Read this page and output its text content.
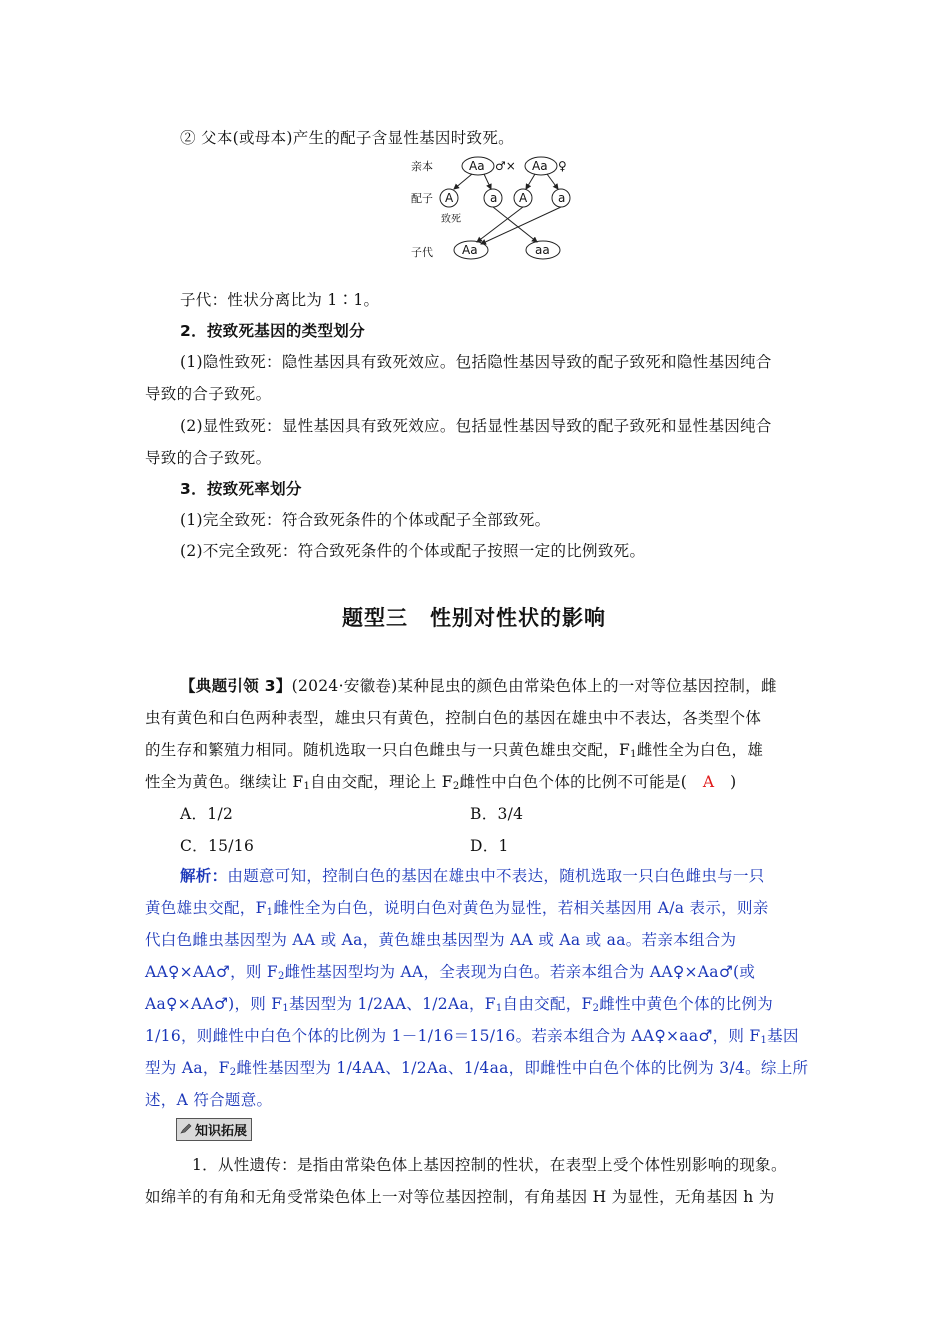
② 父本(或母本)产生的配子含显性基因时致死。
亲本
配子
子代
Aa ♂× Aa ♀
A	a A	a
致死
Aa	aa
子代：性状分离比为 1∶1。
2．按致死基因的类型划分
(1)隐性致死：隐性基因具有致死效应。包括隐性基因导致的配子致死和隐性基因纯合
导致的合子致死。
(2)显性致死：显性基因具有致死效应。包括显性基因导致的配子致死和显性基因纯合
导致的合子致死。
3．按致死率划分
(1)完全致死：符合致死条件的个体或配子全部致死。
(2)不完全致死：符合致死条件的个体或配子按照一定的比例致死。
题型三　性别对性状的影响
【典题引领 3】(2024·安徽卷)某种昆虫的颜色由常染色体上的一对等位基因控制，雌
虫有黄色和白色两种表型，雄虫只有黄色，控制白色的基因在雄虫中不表达，各类型个体
的生存和繁殖力相同。随机选取一只白色雌虫与一只黄色雄虫交配，$F_1$雌性全为白色，雄
性全为黄色。继续让 $F_1$自由交配，理论上 $F_2$雌性中白色个体的比例不可能是(　A　)
A．1/2	B．3/4
C．15/16	D．1
解析：由题意可知，控制白色的基因在雄虫中不表达，随机选取一只白色雌虫与一只
黄色雄虫交配，$F_1$雌性全为白色，说明白色对黄色为显性，若相关基因用 A/a 表示，则亲
代白色雌虫基因型为 AA 或 Aa，黄色雄虫基因型为 AA 或 Aa 或 aa。若亲本组合为
AA♀×AA♂，则 $F_2$雌性基因型均为 AA，全表现为白色。若亲本组合为 AA♀×Aa♂(或
Aa♀×AA♂)，则 $F_1$基因型为 1/2AA、1/2Aa，$F_1$自由交配，$F_2$雌性中黄色个体的比例为
1/16，则雌性中白色个体的比例为 1－1/16＝15/16。若亲本组合为 AA♀×aa♂，则 $F_1$基因
型为 Aa，$F_2$雌性基因型为 1/4AA、1/2Aa、1/4aa，即雌性中白色个体的比例为 3/4。综上所
述，A 符合题意。
知识拓展
1．从性遗传：是指由常染色体上基因控制的性状，在表型上受个体性别影响的现象。
如绵羊的有角和无角受常染色体上一对等位基因控制，有角基因 H 为显性，无角基因 h 为
